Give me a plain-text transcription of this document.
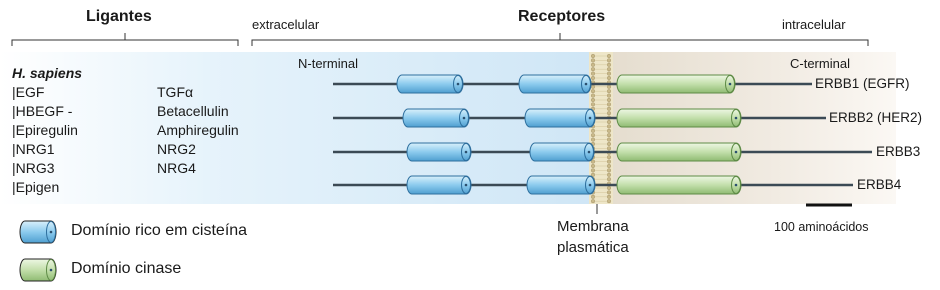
Ligantes	extracelular	Receptores	intracelular
N-terminal	C-terminal
H. sapiens
|EGF
|HBEGF -
|Epiregulin
|NRG1
|NRG3
|Epigen
TGFα
Betacellulin
Amphiregulin
NRG2
NRG4
ERBB1 (EGFR)
ERBB2 (HER2)
ERBB3
ERBB4
Membrana
plasmática
100 aminoácidos
Domínio rico em cisteína
Domínio cinase
